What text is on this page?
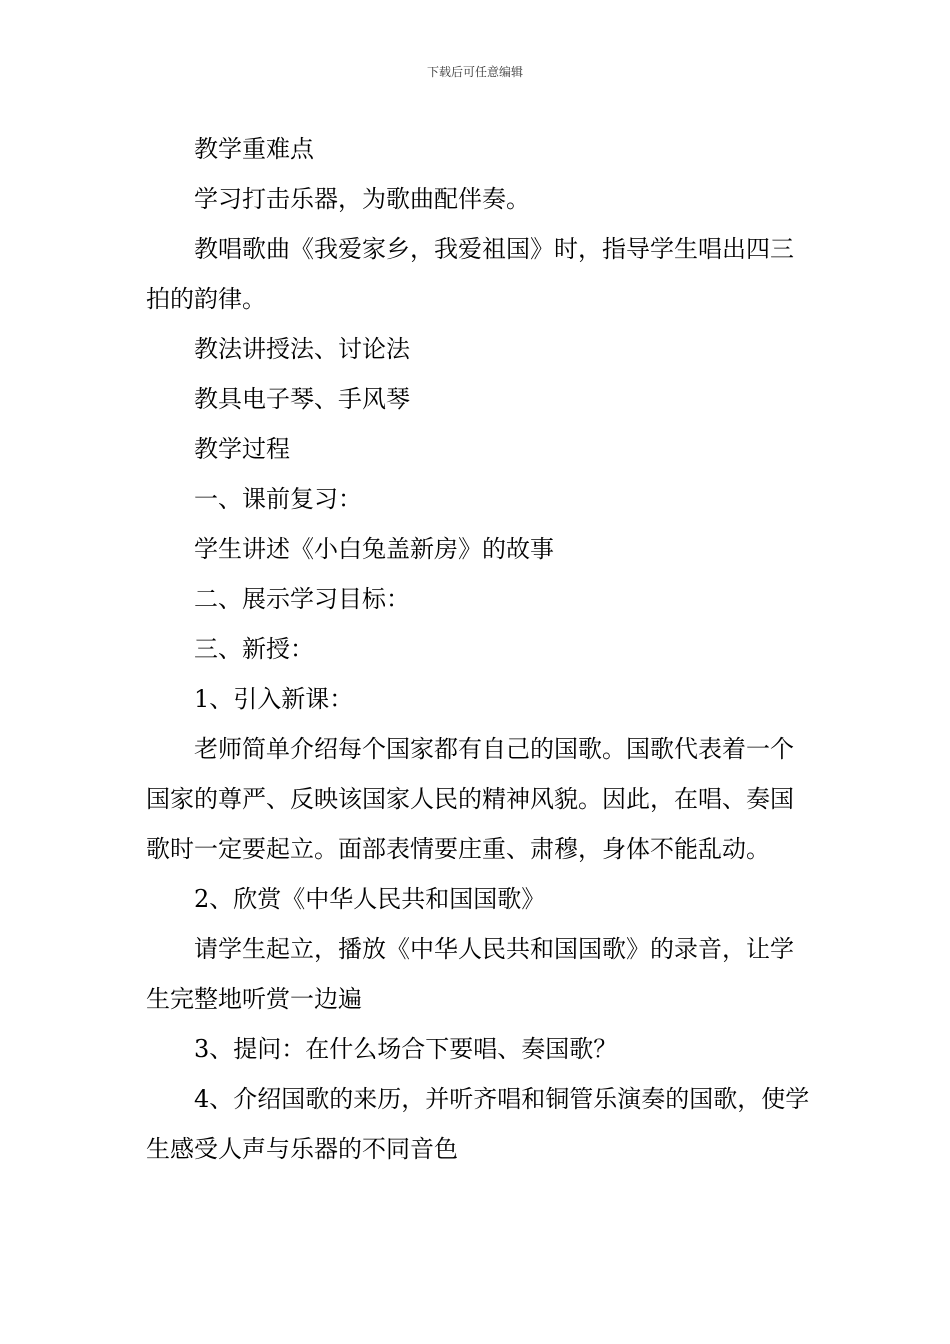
下载后可任意编辑

教学重难点

学习打击乐器，为歌曲配伴奏。

教唱歌曲《我爱家乡，我爱祖国》时，指导学生唱出四三拍的韵律。

教法讲授法、讨论法

教具电子琴、手风琴

教学过程

一、课前复习：

学生讲述《小白兔盖新房》的故事

二、展示学习目标：

三、新授：

1、引入新课：

老师简单介绍每个国家都有自己的国歌。国歌代表着一个国家的尊严、反映该国家人民的精神风貌。因此，在唱、奏国歌时一定要起立。面部表情要庄重、肃穆，身体不能乱动。

2、欣赏《中华人民共和国国歌》

请学生起立，播放《中华人民共和国国歌》的录音，让学生完整地听赏一边遍

3、提问：在什么场合下要唱、奏国歌？

4、介绍国歌的来历，并听齐唱和铜管乐演奏的国歌，使学生感受人声与乐器的不同音色
